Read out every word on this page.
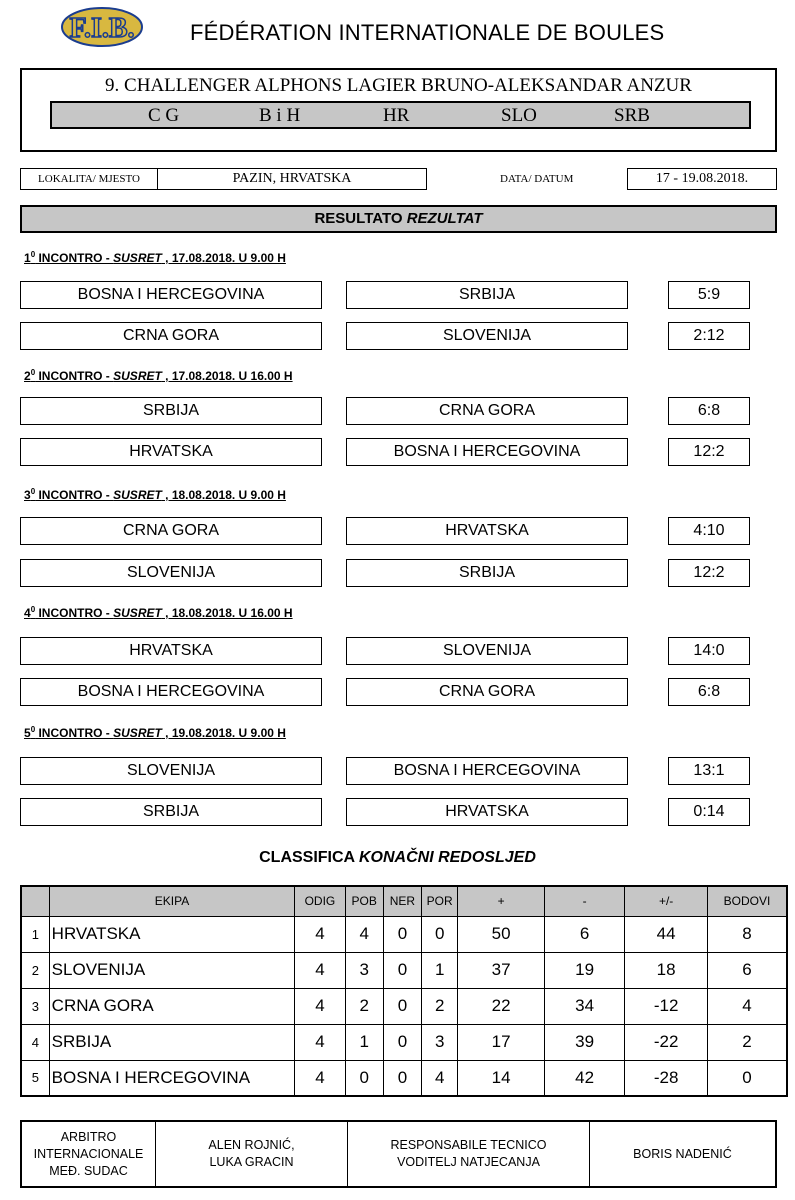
F.I.B.	FÉDÉRATION INTERNATIONALE DE BOULES
9. CHALLENGER ALPHONS LAGIER BRUNO-ALEKSANDAR ANZUR
C G	B i H	HR	SLO	SRB
LOKALITA/ MJESTO	PAZIN, HRVATSKA	DATA/ DATUM	17 - 19.08.2018.
RESULTATO REZULTAT
$1^0$ INCONTRO - SUSRET , 17.08.2018. U 9.00 H
BOSNA I HERCEGOVINA	SRBIJA	5:9
CRNA GORA	SLOVENIJA	2:12
$2^0$ INCONTRO - SUSRET , 17.08.2018. U 16.00 H
SRBIJA	CRNA GORA	6:8
HRVATSKA	BOSNA I HERCEGOVINA	12:2
$3^0$ INCONTRO - SUSRET , 18.08.2018. U 9.00 H
CRNA GORA	HRVATSKA	4:10
SLOVENIJA	SRBIJA	12:2
$4^0$ INCONTRO - SUSRET , 18.08.2018. U 16.00 H
HRVATSKA	SLOVENIJA	14:0
BOSNA I HERCEGOVINA	CRNA GORA	6:8
$5^0$ INCONTRO - SUSRET , 19.08.2018. U 9.00 H
SLOVENIJA	BOSNA I HERCEGOVINA	13:1
SRBIJA	HRVATSKA	0:14
CLASSIFICA KONAČNI REDOSLJED
	EKIPA	ODIG	POB	NER	POR	+	-	+/-	BODOVI
1	HRVATSKA	4	4	0	0	50	6	44	8
2	SLOVENIJA	4	3	0	1	37	19	18	6
3	CRNA GORA	4	2	0	2	22	34	-12	4
4	SRBIJA	4	1	0	3	17	39	-22	2
5	BOSNA I HERCEGOVINA	4	0	0	4	14	42	-28	0
ARBITRO
INTERNACIONALE
MEĐ. SUDAC
ALEN ROJNIĆ,
LUKA GRACIN
RESPONSABILE TECNICO
VODITELJ NATJECANJA
BORIS NADENIĆ
